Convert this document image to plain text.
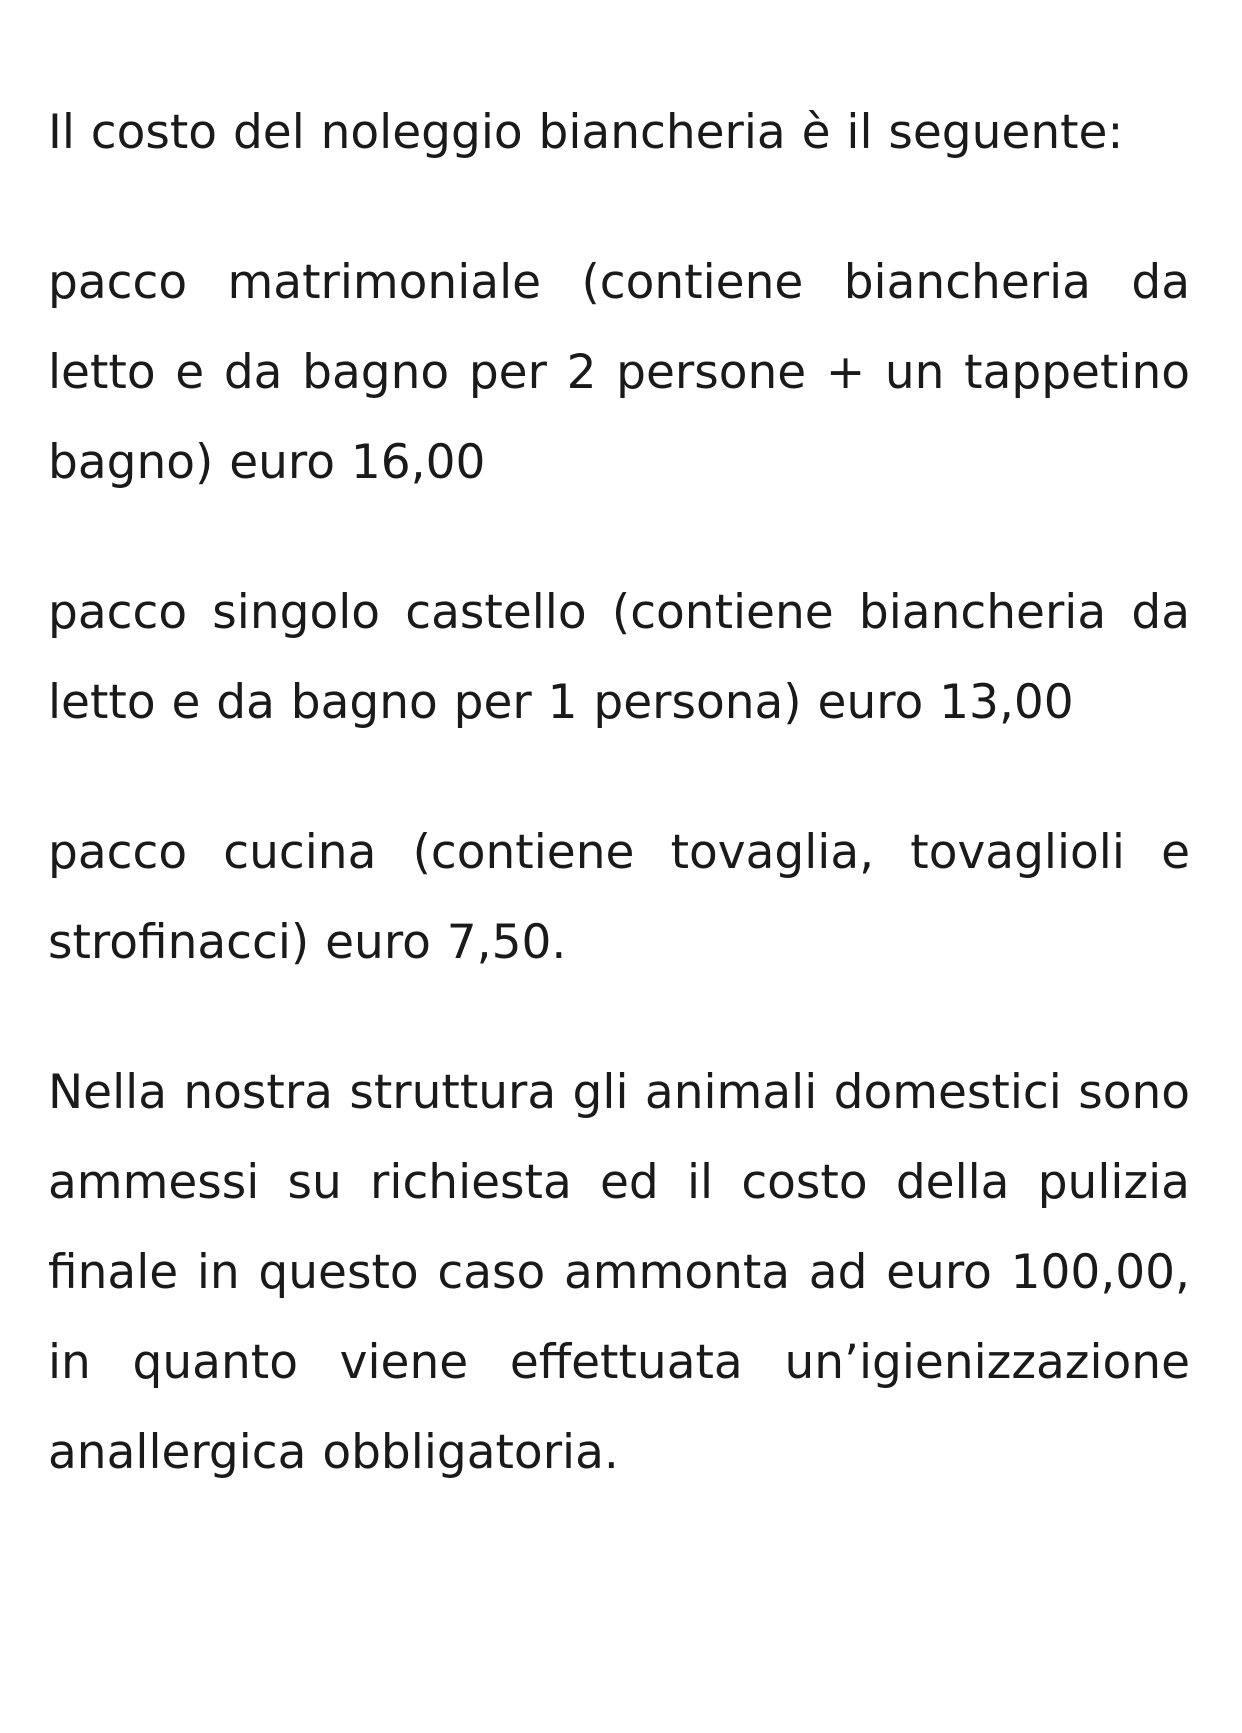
Il costo del noleggio biancheria è il seguente:

pacco matrimoniale (contiene biancheria da letto e da bagno per 2 persone + un tappetino bagno) euro 16,00

pacco singolo castello (contiene biancheria da letto e da bagno per 1 persona) euro 13,00

pacco cucina (contiene tovaglia, tovaglioli e strofinacci) euro 7,50.

Nella nostra struttura gli animali domestici sono ammessi su richiesta ed il costo della pulizia finale in questo caso ammonta ad euro 100,00, in quanto viene effettuata un’igienizzazione anallergica obbligatoria.
